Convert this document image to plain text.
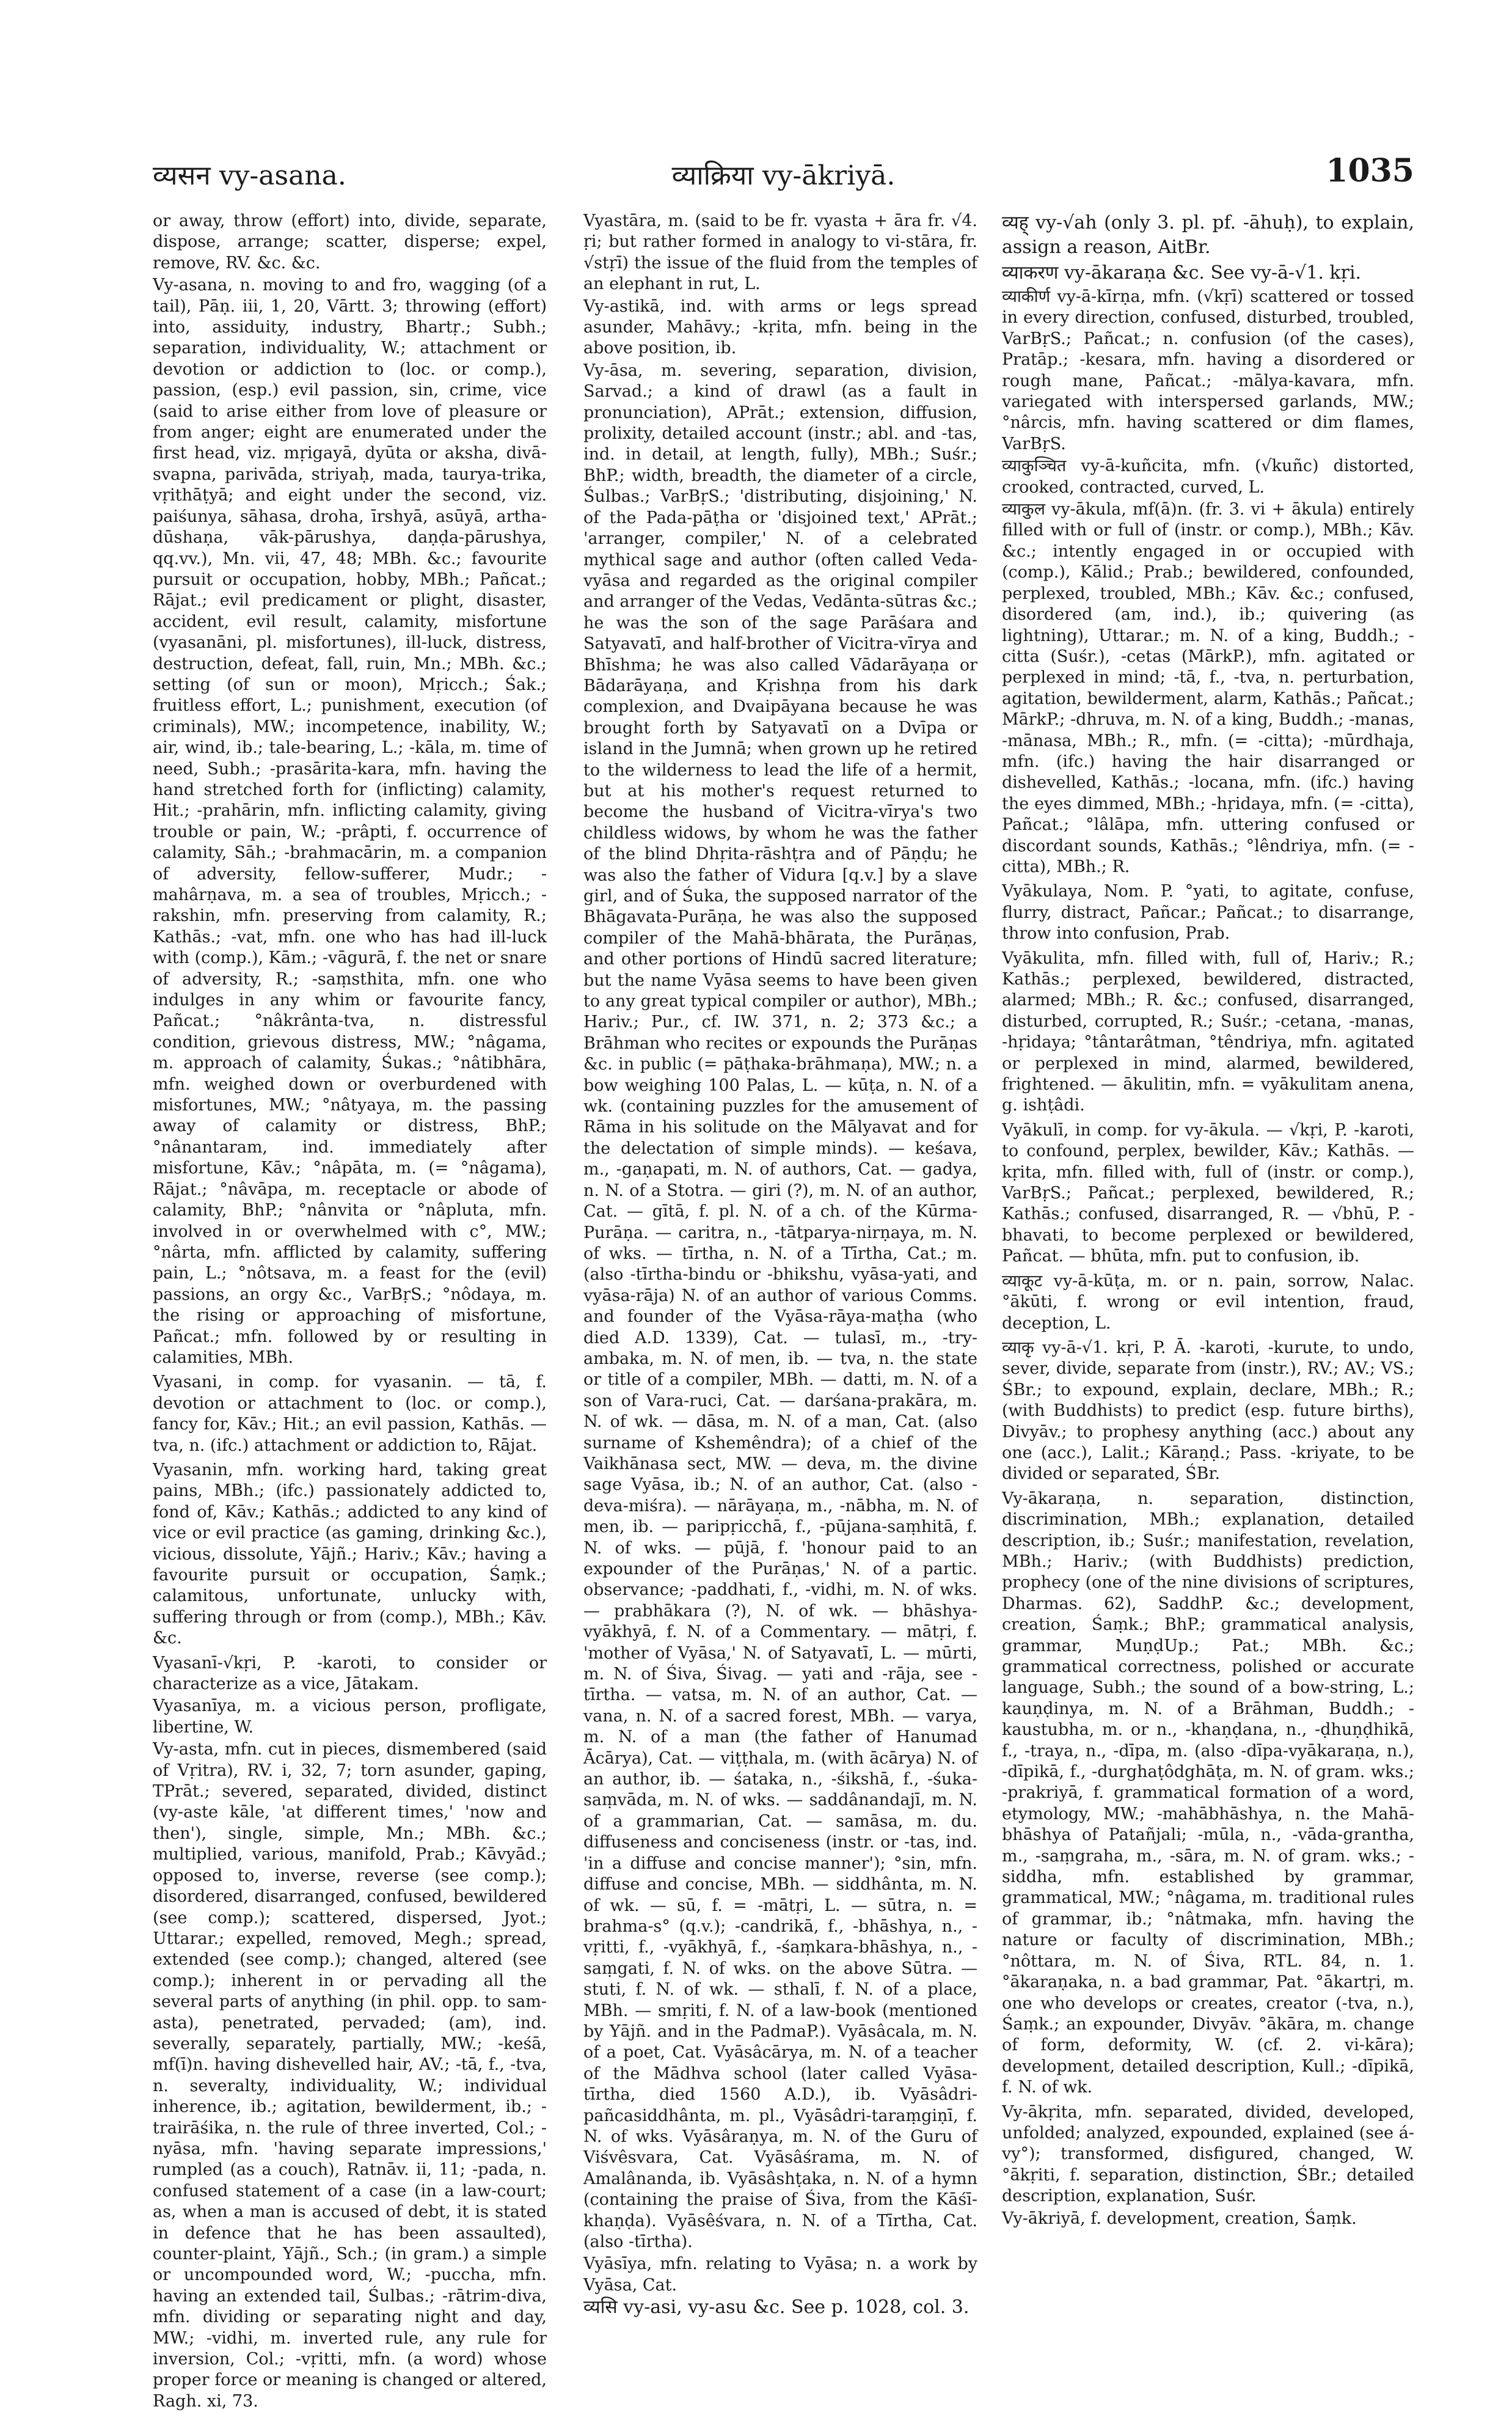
व्यसन vy-asana.	व्याक्रिया vy-ākriyā.	1035

or away, throw (effort) into, divide, separate, dispose, arrange; scatter, disperse; expel, remove, RV. &c. &c.

Vy-asana, n. moving to and fro, wagging (of a tail), Pāṇ. iii, 1, 20, Vārtt. 3; throwing (effort) into, assiduity, industry, Bhartṛ.; Subh.; separation, individuality, W.; attachment or devotion or addiction to (loc. or comp.), passion, (esp.) evil passion, sin, crime, vice (said to arise either from love of pleasure or from anger; eight are enumerated under the first head, viz. mṛigayā, dyūta or aksha, divā-svapna, parivāda, striyaḥ, mada, taurya-trika, vṛithāṭyā; and eight under the second, viz. paiśunya, sāhasa, droha, īrshyā, asūyā, artha-dūshaṇa, vāk-pārushya, daṇḍa-pārushya, qq.vv.), Mn. vii, 47, 48; MBh. &c.; favourite pursuit or occupation, hobby, MBh.; Pañcat.; Rājat.; evil predicament or plight, disaster, accident, evil result, calamity, misfortune (vyasanāni, pl. misfortunes), ill-luck, distress, destruction, defeat, fall, ruin, Mn.; MBh. &c.; setting (of sun or moon), Mṛicch.; Śak.; fruitless effort, L.; punishment, execution (of criminals), MW.; incompetence, inability, W.; air, wind, ib.; tale-bearing, L.; -kāla, m. time of need, Subh.; -prasārita-kara, mfn. having the hand stretched forth for (inflicting) calamity, Hit.; -prahārin, mfn. inflicting calamity, giving trouble or pain, W.; -prâpti, f. occurrence of calamity, Sāh.; -brahmacārin, m. a companion of adversity, fellow-sufferer, Mudr.; -mahârṇava, m. a sea of troubles, Mṛicch.; -rakshin, mfn. preserving from calamity, R.; Kathās.; -vat, mfn. one who has had ill-luck with (comp.), Kām.; -vāgurā, f. the net or snare of adversity, R.; -saṃsthita, mfn. one who indulges in any whim or favourite fancy, Pañcat.; °nâkrânta-tva, n. distressful condition, grievous distress, MW.; °nâgama, m. approach of calamity, Śukas.; °nâtibhāra, mfn. weighed down or overburdened with misfortunes, MW.; °nâtyaya, m. the passing away of calamity or distress, BhP.; °nânantaram, ind. immediately after misfortune, Kāv.; °nâpāta, m. (= °nâgama), Rājat.; °nâvāpa, m. receptacle or abode of calamity, BhP.; °nânvita or °nâpluta, mfn. involved in or overwhelmed with c°, MW.; °nârta, mfn. afflicted by calamity, suffering pain, L.; °nôtsava, m. a feast for the (evil) passions, an orgy &c., VarBṛS.; °nôdaya, m. the rising or approaching of misfortune, Pañcat.; mfn. followed by or resulting in calamities, MBh.

Vyasani, in comp. for vyasanin. — tā, f. devotion or attachment to (loc. or comp.), fancy for, Kāv.; Hit.; an evil passion, Kathās. — tva, n. (ifc.) attachment or addiction to, Rājat.

Vyasanin, mfn. working hard, taking great pains, MBh.; (ifc.) passionately addicted to, fond of, Kāv.; Kathās.; addicted to any kind of vice or evil practice (as gaming, drinking &c.), vicious, dissolute, Yājñ.; Hariv.; Kāv.; having a favourite pursuit or occupation, Śaṃk.; calamitous, unfortunate, unlucky with, suffering through or from (comp.), MBh.; Kāv. &c.

Vyasanī-√kṛi, P. -karoti, to consider or characterize as a vice, Jātakam.

Vyasanīya, m. a vicious person, profligate, libertine, W.

Vy-asta, mfn. cut in pieces, dismembered (said of Vṛitra), RV. i, 32, 7; torn asunder, gaping, TPrāt.; severed, separated, divided, distinct (vy-aste kāle, 'at different times,' 'now and then'), single, simple, Mn.; MBh. &c.; multiplied, various, manifold, Prab.; Kāvyād.; opposed to, inverse, reverse (see comp.); disordered, disarranged, confused, bewildered (see comp.); scattered, dispersed, Jyot.; Uttarar.; expelled, removed, Megh.; spread, extended (see comp.); changed, altered (see comp.); inherent in or pervading all the several parts of anything (in phil. opp. to sam-asta), penetrated, pervaded; (am), ind. severally, separately, partially, MW.; -keśā, mf(ī)n. having dishevelled hair, AV.; -tā, f., -tva, n. severalty, individuality, W.; individual inherence, ib.; agitation, bewilderment, ib.; -trairāśika, n. the rule of three inverted, Col.; -nyāsa, mfn. 'having separate impressions,' rumpled (as a couch), Ratnāv. ii, 11; -pada, n. confused statement of a case (in a law-court; as, when a man is accused of debt, it is stated in defence that he has been assaulted), counter-plaint, Yājñ., Sch.; (in gram.) a simple or uncompounded word, W.; -puccha, mfn. having an extended tail, Śulbas.; -rātrim-diva, mfn. dividing or separating night and day, MW.; -vidhi, m. inverted rule, any rule for inversion, Col.; -vṛitti, mfn. (a word) whose proper force or meaning is changed or altered, Ragh. xi, 73.

Vyastāra, m. (said to be fr. vyasta + āra fr. √4. ṛi; but rather formed in analogy to vi-stāra, fr. √stṛī) the issue of the fluid from the temples of an elephant in rut, L.

Vy-astikā, ind. with arms or legs spread asunder, Mahāvy.; -kṛita, mfn. being in the above position, ib.

Vy-āsa, m. severing, separation, division, Sarvad.; a kind of drawl (as a fault in pronunciation), APrāt.; extension, diffusion, prolixity, detailed account (instr.; abl. and -tas, ind. in detail, at length, fully), MBh.; Suśr.; BhP.; width, breadth, the diameter of a circle, Śulbas.; VarBṛS.; 'distributing, disjoining,' N. of the Pada-pāṭha or 'disjoined text,' APrāt.; 'arranger, compiler,' N. of a celebrated mythical sage and author (often called Veda-vyāsa and regarded as the original compiler and arranger of the Vedas, Vedānta-sūtras &c.; he was the son of the sage Parāśara and Satyavatī, and half-brother of Vicitra-vīrya and Bhīshma; he was also called Vādarāyaṇa or Bādarāyaṇa, and Kṛishṇa from his dark complexion, and Dvaipāyana because he was brought forth by Satyavatī on a Dvīpa or island in the Jumnā; when grown up he retired to the wilderness to lead the life of a hermit, but at his mother's request returned to become the husband of Vicitra-vīrya's two childless widows, by whom he was the father of the blind Dhṛita-rāshṭra and of Pāṇḍu; he was also the father of Vidura [q.v.] by a slave girl, and of Śuka, the supposed narrator of the Bhāgavata-Purāṇa, he was also the supposed compiler of the Mahā-bhārata, the Purāṇas, and other portions of Hindū sacred literature; but the name Vyāsa seems to have been given to any great typical compiler or author), MBh.; Hariv.; Pur., cf. IW. 371, n. 2; 373 &c.; a Brāhman who recites or expounds the Purāṇas &c. in public (= pāṭhaka-brāhmaṇa), MW.; n. a bow weighing 100 Palas, L. — kūṭa, n. N. of a wk. (containing puzzles for the amusement of Rāma in his solitude on the Mālyavat and for the delectation of simple minds). — keśava, m., -gaṇapati, m. N. of authors, Cat. — gadya, n. N. of a Stotra. — giri (?), m. N. of an author, Cat. — gītā, f. pl. N. of a ch. of the Kūrma-Purāṇa. — caritra, n., -tātparya-nirṇaya, m. N. of wks. — tīrtha, n. N. of a Tīrtha, Cat.; m. (also -tīrtha-bindu or -bhikshu, vyāsa-yati, and vyāsa-rāja) N. of an author of various Comms. and founder of the Vyāsa-rāya-maṭha (who died A.D. 1339), Cat. — tulasī, m., -try-ambaka, m. N. of men, ib. — tva, n. the state or title of a compiler, MBh. — datti, m. N. of a son of Vara-ruci, Cat. — darśana-prakāra, m. N. of wk. — dāsa, m. N. of a man, Cat. (also surname of Kshemêndra); of a chief of the Vaikhānasa sect, MW. — deva, m. the divine sage Vyāsa, ib.; N. of an author, Cat. (also -deva-miśra). — nārāyaṇa, m., -nābha, m. N. of men, ib. — paripṛicchā, f., -pūjana-saṃhitā, f. N. of wks. — pūjā, f. 'honour paid to an expounder of the Purāṇas,' N. of a partic. observance; -paddhati, f., -vidhi, m. N. of wks. — prabhākara (?), N. of wk. — bhāshya-vyākhyā, f. N. of a Commentary. — mātṛi, f. 'mother of Vyāsa,' N. of Satyavatī, L. — mūrti, m. N. of Śiva, Śivag. — yati and -rāja, see -tīrtha. — vatsa, m. N. of an author, Cat. — vana, n. N. of a sacred forest, MBh. — varya, m. N. of a man (the father of Hanumad Ācārya), Cat. — viṭṭhala, m. (with ācārya) N. of an author, ib. — śataka, n., -śikshā, f., -śuka-saṃvāda, m. N. of wks. — saddânandajī, m. N. of a grammarian, Cat. — samāsa, m. du. diffuseness and conciseness (instr. or -tas, ind. 'in a diffuse and concise manner'); °sin, mfn. diffuse and concise, MBh. — siddhânta, m. N. of wk. — sū, f. = -mātṛi, L. — sūtra, n. = brahma-s° (q.v.); -candrikā, f., -bhāshya, n., -vṛitti, f., -vyākhyā, f., -śaṃkara-bhāshya, n., -saṃgati, f. N. of wks. on the above Sūtra. — stuti, f. N. of wk. — sthalī, f. N. of a place, MBh. — smṛiti, f. N. of a law-book (mentioned by Yājñ. and in the PadmaP.). Vyāsâcala, m. N. of a poet, Cat. Vyāsâcārya, m. N. of a teacher of the Mādhva school (later called Vyāsa-tīrtha, died 1560 A.D.), ib. Vyāsâdri-pañcasiddhânta, m. pl., Vyāsâdri-taraṃgiṇī, f. N. of wks. Vyāsâraṇya, m. N. of the Guru of Viśvêsvara, Cat. Vyāsâśrama, m. N. of Amalânanda, ib. Vyāsâshṭaka, n. N. of a hymn (containing the praise of Śiva, from the Kāśī-khaṇḍa). Vyāsêśvara, n. N. of a Tīrtha, Cat. (also -tīrtha).

Vyāsīya, mfn. relating to Vyāsa; n. a work by Vyāsa, Cat.

व्यसि vy-asi, vy-asu &c. See p. 1028, col. 3.

व्यह् vy-√ah (only 3. pl. pf. -āhuḥ), to explain, assign a reason, AitBr.

व्याकरण vy-ākaraṇa &c. See vy-ā-√1. kṛi.

व्याकीर्ण vy-ā-kīrṇa, mfn. (√kṛī) scattered or tossed in every direction, confused, disturbed, troubled, VarBṛS.; Pañcat.; n. confusion (of the cases), Pratāp.; -kesara, mfn. having a disordered or rough mane, Pañcat.; -mālya-kavara, mfn. variegated with interspersed garlands, MW.; °nârcis, mfn. having scattered or dim flames, VarBṛS.

व्याकुञ्चित vy-ā-kuñcita, mfn. (√kuñc) distorted, crooked, contracted, curved, L.

व्याकुल vy-ākula, mf(ā)n. (fr. 3. vi + ākula) entirely filled with or full of (instr. or comp.), MBh.; Kāv. &c.; intently engaged in or occupied with (comp.), Kālid.; Prab.; bewildered, confounded, perplexed, troubled, MBh.; Kāv. &c.; confused, disordered (am, ind.), ib.; quivering (as lightning), Uttarar.; m. N. of a king, Buddh.; -citta (Suśr.), -cetas (MārkP.), mfn. agitated or perplexed in mind; -tā, f., -tva, n. perturbation, agitation, bewilderment, alarm, Kathās.; Pañcat.; MārkP.; -dhruva, m. N. of a king, Buddh.; -manas, -mānasa, MBh.; R., mfn. (= -citta); -mūrdhaja, mfn. (ifc.) having the hair disarranged or dishevelled, Kathās.; -locana, mfn. (ifc.) having the eyes dimmed, MBh.; -hṛidaya, mfn. (= -citta), Pañcat.; °lâlāpa, mfn. uttering confused or discordant sounds, Kathās.; °lêndriya, mfn. (= -citta), MBh.; R.

Vyākulaya, Nom. P. °yati, to agitate, confuse, flurry, distract, Pañcar.; Pañcat.; to disarrange, throw into confusion, Prab.

Vyākulita, mfn. filled with, full of, Hariv.; R.; Kathās.; perplexed, bewildered, distracted, alarmed; MBh.; R. &c.; confused, disarranged, disturbed, corrupted, R.; Suśr.; -cetana, -manas, -hṛidaya; °tântarâtman, °têndriya, mfn. agitated or perplexed in mind, alarmed, bewildered, frightened. — ākulitin, mfn. = vyākulitam anena, g. ishṭâdi.

Vyākulī, in comp. for vy-ākula. — √kṛi, P. -karoti, to confound, perplex, bewilder, Kāv.; Kathās. — kṛita, mfn. filled with, full of (instr. or comp.), VarBṛS.; Pañcat.; perplexed, bewildered, R.; Kathās.; confused, disarranged, R. — √bhū, P. -bhavati, to become perplexed or bewildered, Pañcat. — bhūta, mfn. put to confusion, ib.

व्याकूट vy-ā-kūṭa, m. or n. pain, sorrow, Nalac. °ākūti, f. wrong or evil intention, fraud, deception, L.

व्याकृ vy-ā-√1. kṛi, P. Ā. -karoti, -kurute, to undo, sever, divide, separate from (instr.), RV.; AV.; VS.; ŚBr.; to expound, explain, declare, MBh.; R.; (with Buddhists) to predict (esp. future births), Divyāv.; to prophesy anything (acc.) about any one (acc.), Lalit.; Kāraṇḍ.; Pass. -kriyate, to be divided or separated, ŚBr.

Vy-ākaraṇa, n. separation, distinction, discrimination, MBh.; explanation, detailed description, ib.; Suśr.; manifestation, revelation, MBh.; Hariv.; (with Buddhists) prediction, prophecy (one of the nine divisions of scriptures, Dharmas. 62), SaddhP. &c.; development, creation, Śaṃk.; BhP.; grammatical analysis, grammar, MuṇḍUp.; Pat.; MBh. &c.; grammatical correctness, polished or accurate language, Subh.; the sound of a bow-string, L.; kauṇḍinya, m. N. of a Brāhman, Buddh.; -kaustubha, m. or n., -khaṇḍana, n., -ḍhuṇḍhikā, f., -traya, n., -dīpa, m. (also -dīpa-vyākaraṇa, n.), -dīpikā, f., -durghaṭôdghāṭa, m. N. of gram. wks.; -prakriyā, f. grammatical formation of a word, etymology, MW.; -mahābhāshya, n. the Mahā-bhāshya of Patañjali; -mūla, n., -vāda-grantha, m., -saṃgraha, m., -sāra, m. N. of gram. wks.; -siddha, mfn. established by grammar, grammatical, MW.; °nâgama, m. traditional rules of grammar, ib.; °nâtmaka, mfn. having the nature or faculty of discrimination, MBh.; °nôttara, m. N. of Śiva, RTL. 84, n. 1. °ākaraṇaka, n. a bad grammar, Pat. °ākartṛi, m. one who develops or creates, creator (-tva, n.), Śaṃk.; an expounder, Divyāv. °ākāra, m. change of form, deformity, W. (cf. 2. vi-kāra); development, detailed description, Kull.; -dīpikā, f. N. of wk.

Vy-ākṛita, mfn. separated, divided, developed, unfolded; analyzed, expounded, explained (see á-vy°); transformed, disfigured, changed, W. °ākṛiti, f. separation, distinction, ŚBr.; detailed description, explanation, Suśr.

Vy-ākriyā, f. development, creation, Śaṃk.
